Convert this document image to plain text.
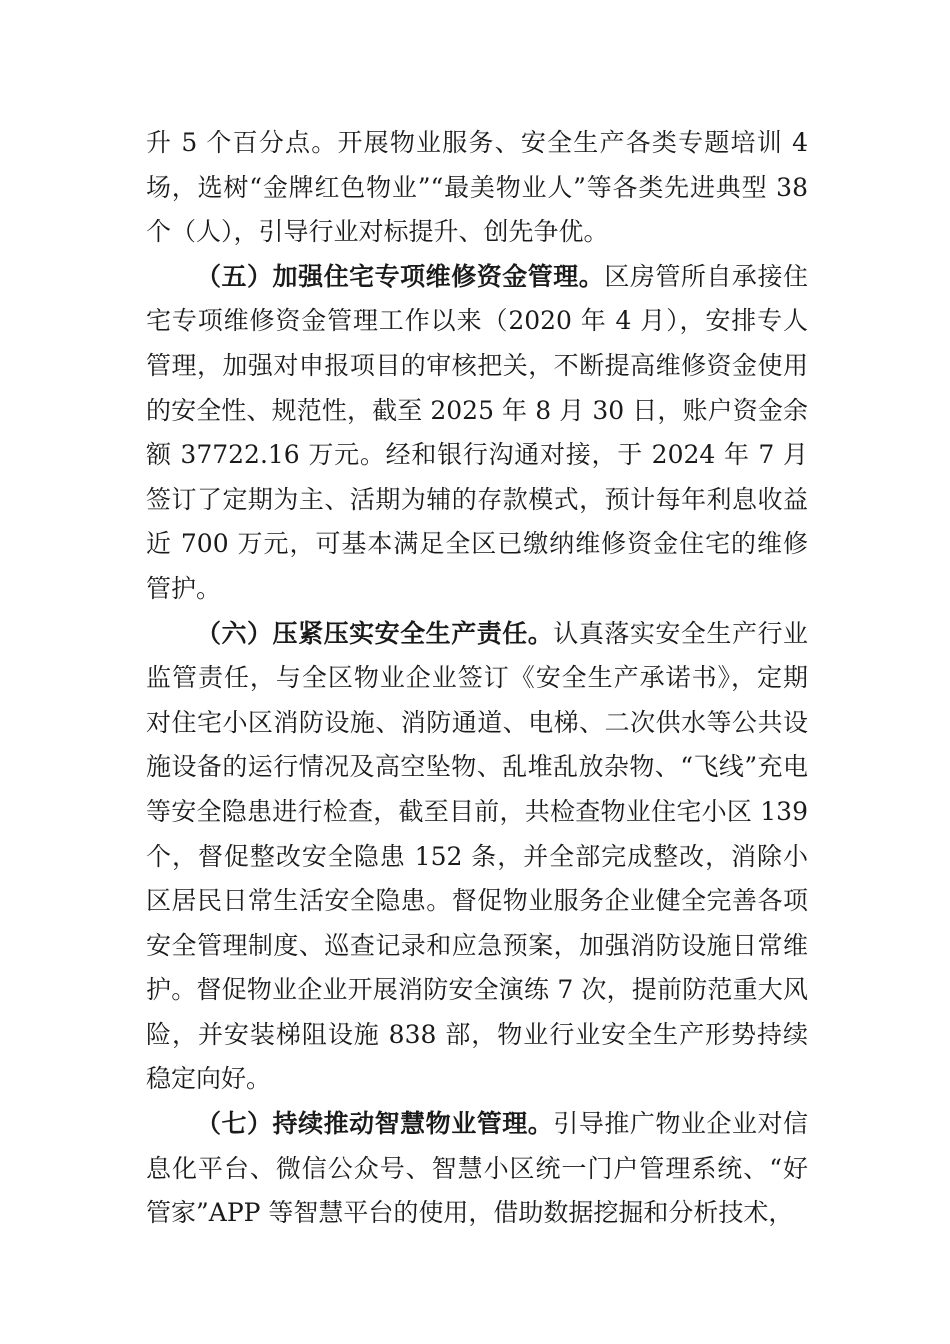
升 5 个百分点。开展物业服务、安全生产各类专题培训 4 场，选树“金牌红色物业”“最美物业人”等各类先进典型 38 个（人），引导行业对标提升、创先争优。

（五）加强住宅专项维修资金管理。区房管所自承接住宅专项维修资金管理工作以来（2020 年 4 月），安排专人管理，加强对申报项目的审核把关，不断提高维修资金使用的安全性、规范性，截至 2025 年 8 月 30 日，账户资金余额 37722.16 万元。经和银行沟通对接，于 2024 年 7 月签订了定期为主、活期为辅的存款模式，预计每年利息收益近 700 万元，可基本满足全区已缴纳维修资金住宅的维修管护。

（六）压紧压实安全生产责任。认真落实安全生产行业监管责任，与全区物业企业签订《安全生产承诺书》，定期对住宅小区消防设施、消防通道、电梯、二次供水等公共设施设备的运行情况及高空坠物、乱堆乱放杂物、“飞线”充电等安全隐患进行检查，截至目前，共检查物业住宅小区 139 个，督促整改安全隐患 152 条，并全部完成整改，消除小区居民日常生活安全隐患。督促物业服务企业健全完善各项安全管理制度、巡查记录和应急预案，加强消防设施日常维护。督促物业企业开展消防安全演练 7 次，提前防范重大风险，并安装梯阻设施 838 部，物业行业安全生产形势持续稳定向好。

（七）持续推动智慧物业管理。引导推广物业企业对信息化平台、微信公众号、智慧小区统一门户管理系统、“好管家”APP 等智慧平台的使用，借助数据挖掘和分析技术，
